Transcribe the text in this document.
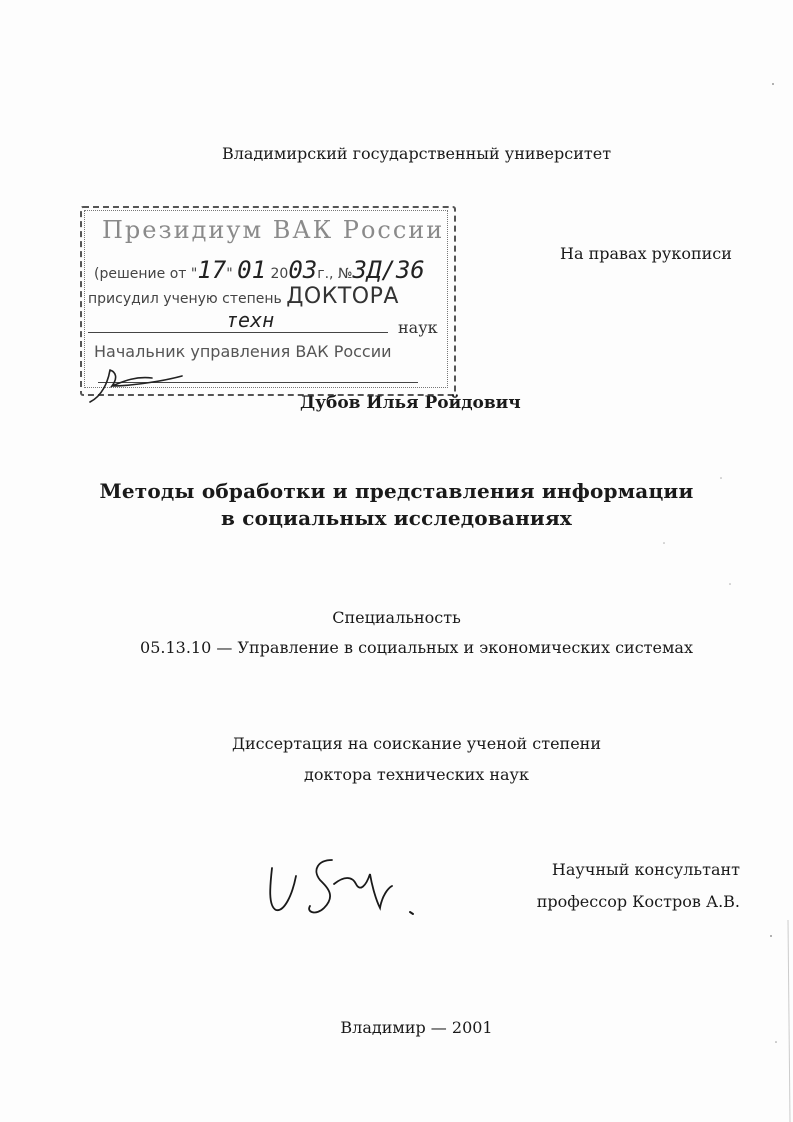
Владимирский государственный университет
На правах рукописи
Президиум ВАК России
(решение от "17" 01 2003г., №3Д/36
присудил ученую степень ДОКТОРА
техн	наук
Начальник управления ВАК России
Дубов Илья Ройдович
Методы обработки и представления информации
в социальных исследованиях
Специальность
05.13.10 — Управление в социальных и экономических системах
Диссертация на соискание ученой степени
доктора технических наук
Научный консультант
профессор Костров А.В.
Владимир — 2001
